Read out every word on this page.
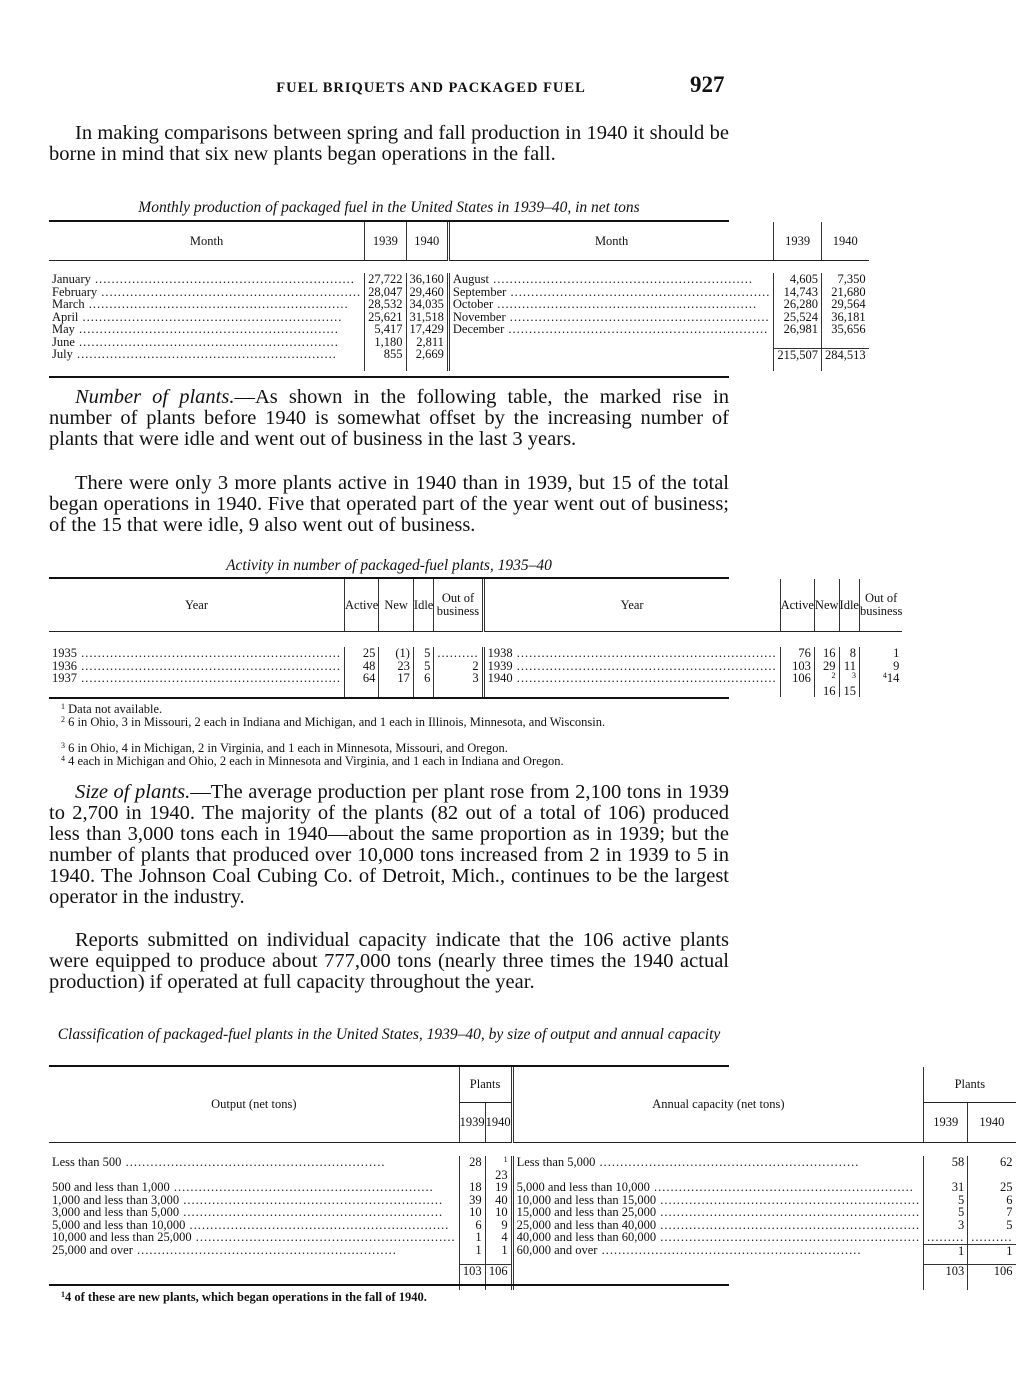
FUEL BRIQUETS AND PACKAGED FUEL	927

In making comparisons between spring and fall production in 1940 it should be borne in mind that six new plants began operations in the fall.

Monthly production of packaged fuel in the United States in 1939–40, in net tons
Month	1939	1940	Month	1939	1940

January .....	27,722	36,160	August .....	4,605	7,350
February .....	28,047	29,460	September .....	14,743	21,680
March .....	28,532	34,035	October .....	26,280	29,564
April .....	25,621	31,518	November .....	25,524	36,181
May .....	5,417	17,429	December .....	26,981	35,656
June .....	1,180	2,811			
July .....	855	2,669		215,507	284,513

Number of plants.—As shown in the following table, the marked rise in number of plants before 1940 is somewhat offset by the increasing number of plants that were idle and went out of business in the last 3 years.

There were only 3 more plants active in 1940 than in 1939, but 15 of the total began operations in 1940. Five that operated part of the year went out of business; of the 15 that were idle, 9 also went out of business.

Activity in number of packaged-fuel plants, 1935–40
Year	Active	New	Idle	Out of business	Year	Active	New	Idle	Out of business

1935 .....	25	(1)	5	..........	1938 .....	76	16	8	1
1936 .....	48	23	5	2	1939 .....	103	29	11	9
1937 .....	64	17	6	3	1940 .....	106	$^2$ 16	$^3$ 15	$^4$14
$^1$ Data not available.
$^2$ 6 in Ohio, 3 in Missouri, 2 each in Indiana and Michigan, and 1 each in Illinois, Minnesota, and Wisconsin.
$^3$ 6 in Ohio, 4 in Michigan, 2 in Virginia, and 1 each in Minnesota, Missouri, and Oregon.
$^4$ 4 each in Michigan and Ohio, 2 each in Minnesota and Virginia, and 1 each in Indiana and Oregon.

Size of plants.—The average production per plant rose from 2,100 tons in 1939 to 2,700 in 1940. The majority of the plants (82 out of a total of 106) produced less than 3,000 tons each in 1940—about the same proportion as in 1939; but the number of plants that produced over 10,000 tons increased from 2 in 1939 to 5 in 1940. The Johnson Coal Cubing Co. of Detroit, Mich., continues to be the largest operator in the industry.

Reports submitted on individual capacity indicate that the 106 active plants were equipped to produce about 777,000 tons (nearly three times the 1940 actual production) if operated at full capacity throughout the year.

Classification of packaged-fuel plants in the United States, 1939–40, by size of output and annual capacity
Output (net tons)	Plants		Annual capacity (net tons)	Plants	
	1939	1940		1939	1940

Less than 500 .....	28	$^1$ 23	Less than 5,000 .....	58	62
500 and less than 1,000 .....	18	19	5,000 and less than 10,000 .....	31	25
1,000 and less than 3,000 .....	39	40	10,000 and less than 15,000 .....	5	6
3,000 and less than 5,000 .....	10	10	15,000 and less than 25,000 .....	5	7
5,000 and less than 10,000 .....	6	9	25,000 and less than 40,000 .....	3	5
10,000 and less than 25,000 .....	1	4	40,000 and less than 60,000 .....	.........	..........
25,000 and over .....	1	1	60,000 and over .....	1	1
	103	106		103	106
$^1$4 of these are new plants, which began operations in the fall of 1940.
